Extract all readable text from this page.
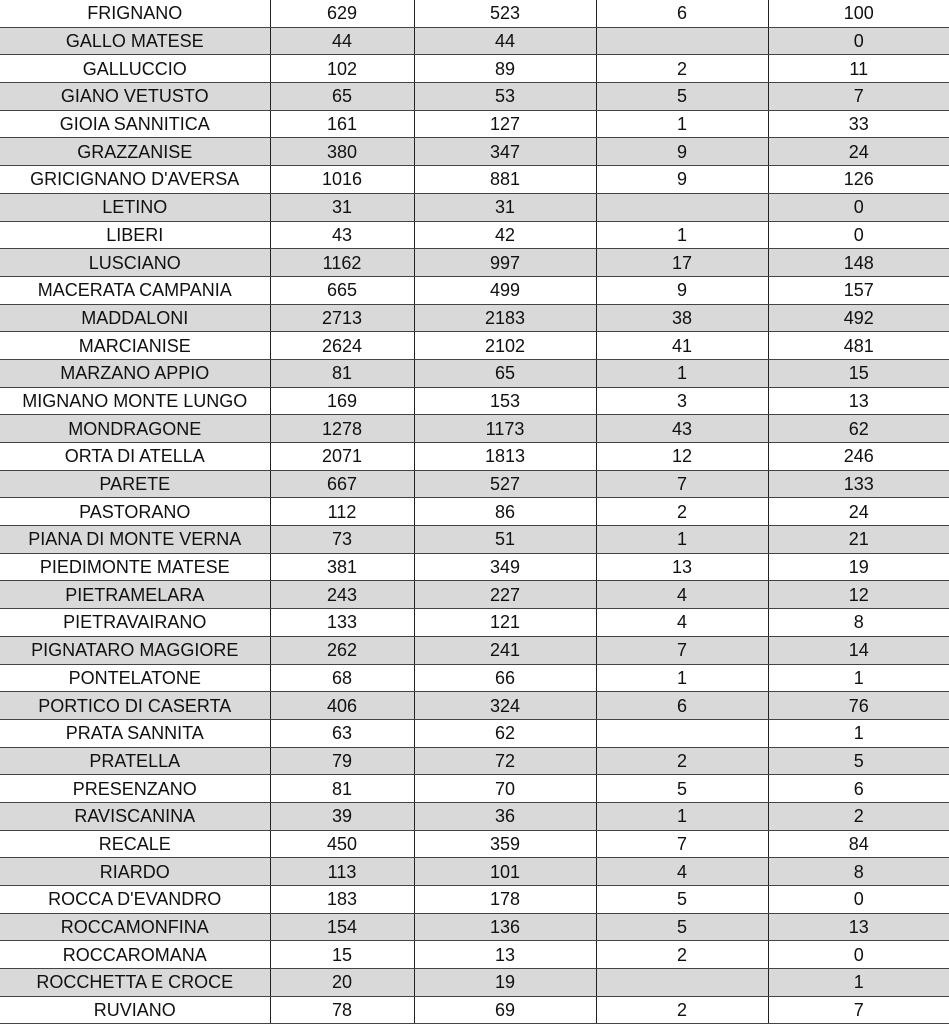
FRIGNANO	629	523	6	100
GALLO MATESE	44	44		0
GALLUCCIO	102	89	2	11
GIANO VETUSTO	65	53	5	7
GIOIA SANNITICA	161	127	1	33
GRAZZANISE	380	347	9	24
GRICIGNANO D'AVERSA	1016	881	9	126
LETINO	31	31		0
LIBERI	43	42	1	0
LUSCIANO	1162	997	17	148
MACERATA CAMPANIA	665	499	9	157
MADDALONI	2713	2183	38	492
MARCIANISE	2624	2102	41	481
MARZANO APPIO	81	65	1	15
MIGNANO MONTE LUNGO	169	153	3	13
MONDRAGONE	1278	1173	43	62
ORTA DI ATELLA	2071	1813	12	246
PARETE	667	527	7	133
PASTORANO	112	86	2	24
PIANA DI MONTE VERNA	73	51	1	21
PIEDIMONTE MATESE	381	349	13	19
PIETRAMELARA	243	227	4	12
PIETRAVAIRANO	133	121	4	8
PIGNATARO MAGGIORE	262	241	7	14
PONTELATONE	68	66	1	1
PORTICO DI CASERTA	406	324	6	76
PRATA SANNITA	63	62		1
PRATELLA	79	72	2	5
PRESENZANO	81	70	5	6
RAVISCANINA	39	36	1	2
RECALE	450	359	7	84
RIARDO	113	101	4	8
ROCCA D'EVANDRO	183	178	5	0
ROCCAMONFINA	154	136	5	13
ROCCAROMANA	15	13	2	0
ROCCHETTA E CROCE	20	19		1
RUVIANO	78	69	2	7
